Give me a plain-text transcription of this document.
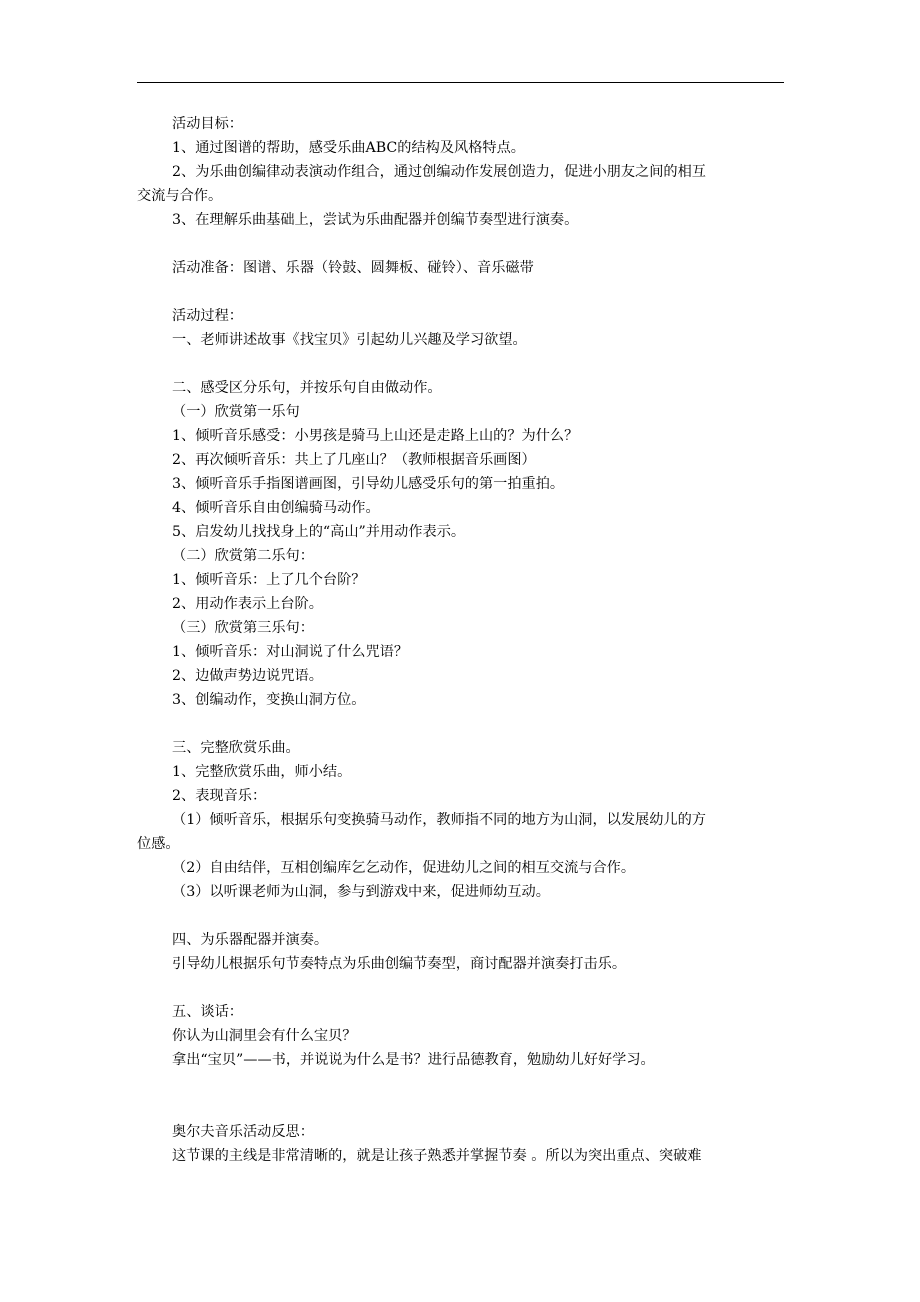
活动目标：
1、通过图谱的帮助，感受乐曲ABC的结构及风格特点。
2、为乐曲创编律动表演动作组合，通过创编动作发展创造力，促进小朋友之间的相互
交流与合作。
3、在理解乐曲基础上，尝试为乐曲配器并创编节奏型进行演奏。
活动准备：图谱、乐器（铃鼓、圆舞板、碰铃）、音乐磁带
活动过程：
一、老师讲述故事《找宝贝》引起幼儿兴趣及学习欲望。
二、感受区分乐句，并按乐句自由做动作。
（一）欣赏第一乐句
1、倾听音乐感受：小男孩是骑马上山还是走路上山的？为什么？
2、再次倾听音乐：共上了几座山？（教师根据音乐画图）
3、倾听音乐手指图谱画图，引导幼儿感受乐句的第一拍重拍。
4、倾听音乐自由创编骑马动作。
5、启发幼儿找找身上的“高山”并用动作表示。
（二）欣赏第二乐句：
1、倾听音乐：上了几个台阶？
2、用动作表示上台阶。
（三）欣赏第三乐句：
1、倾听音乐：对山洞说了什么咒语？
2、边做声势边说咒语。
3、创编动作，变换山洞方位。
三、完整欣赏乐曲。
1、完整欣赏乐曲，师小结。
2、表现音乐：
（1）倾听音乐，根据乐句变换骑马动作，教师指不同的地方为山洞，以发展幼儿的方
位感。
（2）自由结伴，互相创编库乞乞动作，促进幼儿之间的相互交流与合作。
（3）以听课老师为山洞，参与到游戏中来，促进师幼互动。
四、为乐器配器并演奏。
引导幼儿根据乐句节奏特点为乐曲创编节奏型，商讨配器并演奏打击乐。
五、谈话：
你认为山洞里会有什么宝贝？
拿出“宝贝”——书，并说说为什么是书？进行品德教育，勉励幼儿好好学习。
奥尔夫音乐活动反思：
这节课的主线是非常清晰的，就是让孩子熟悉并掌握节奏 。所以为突出重点、突破难
